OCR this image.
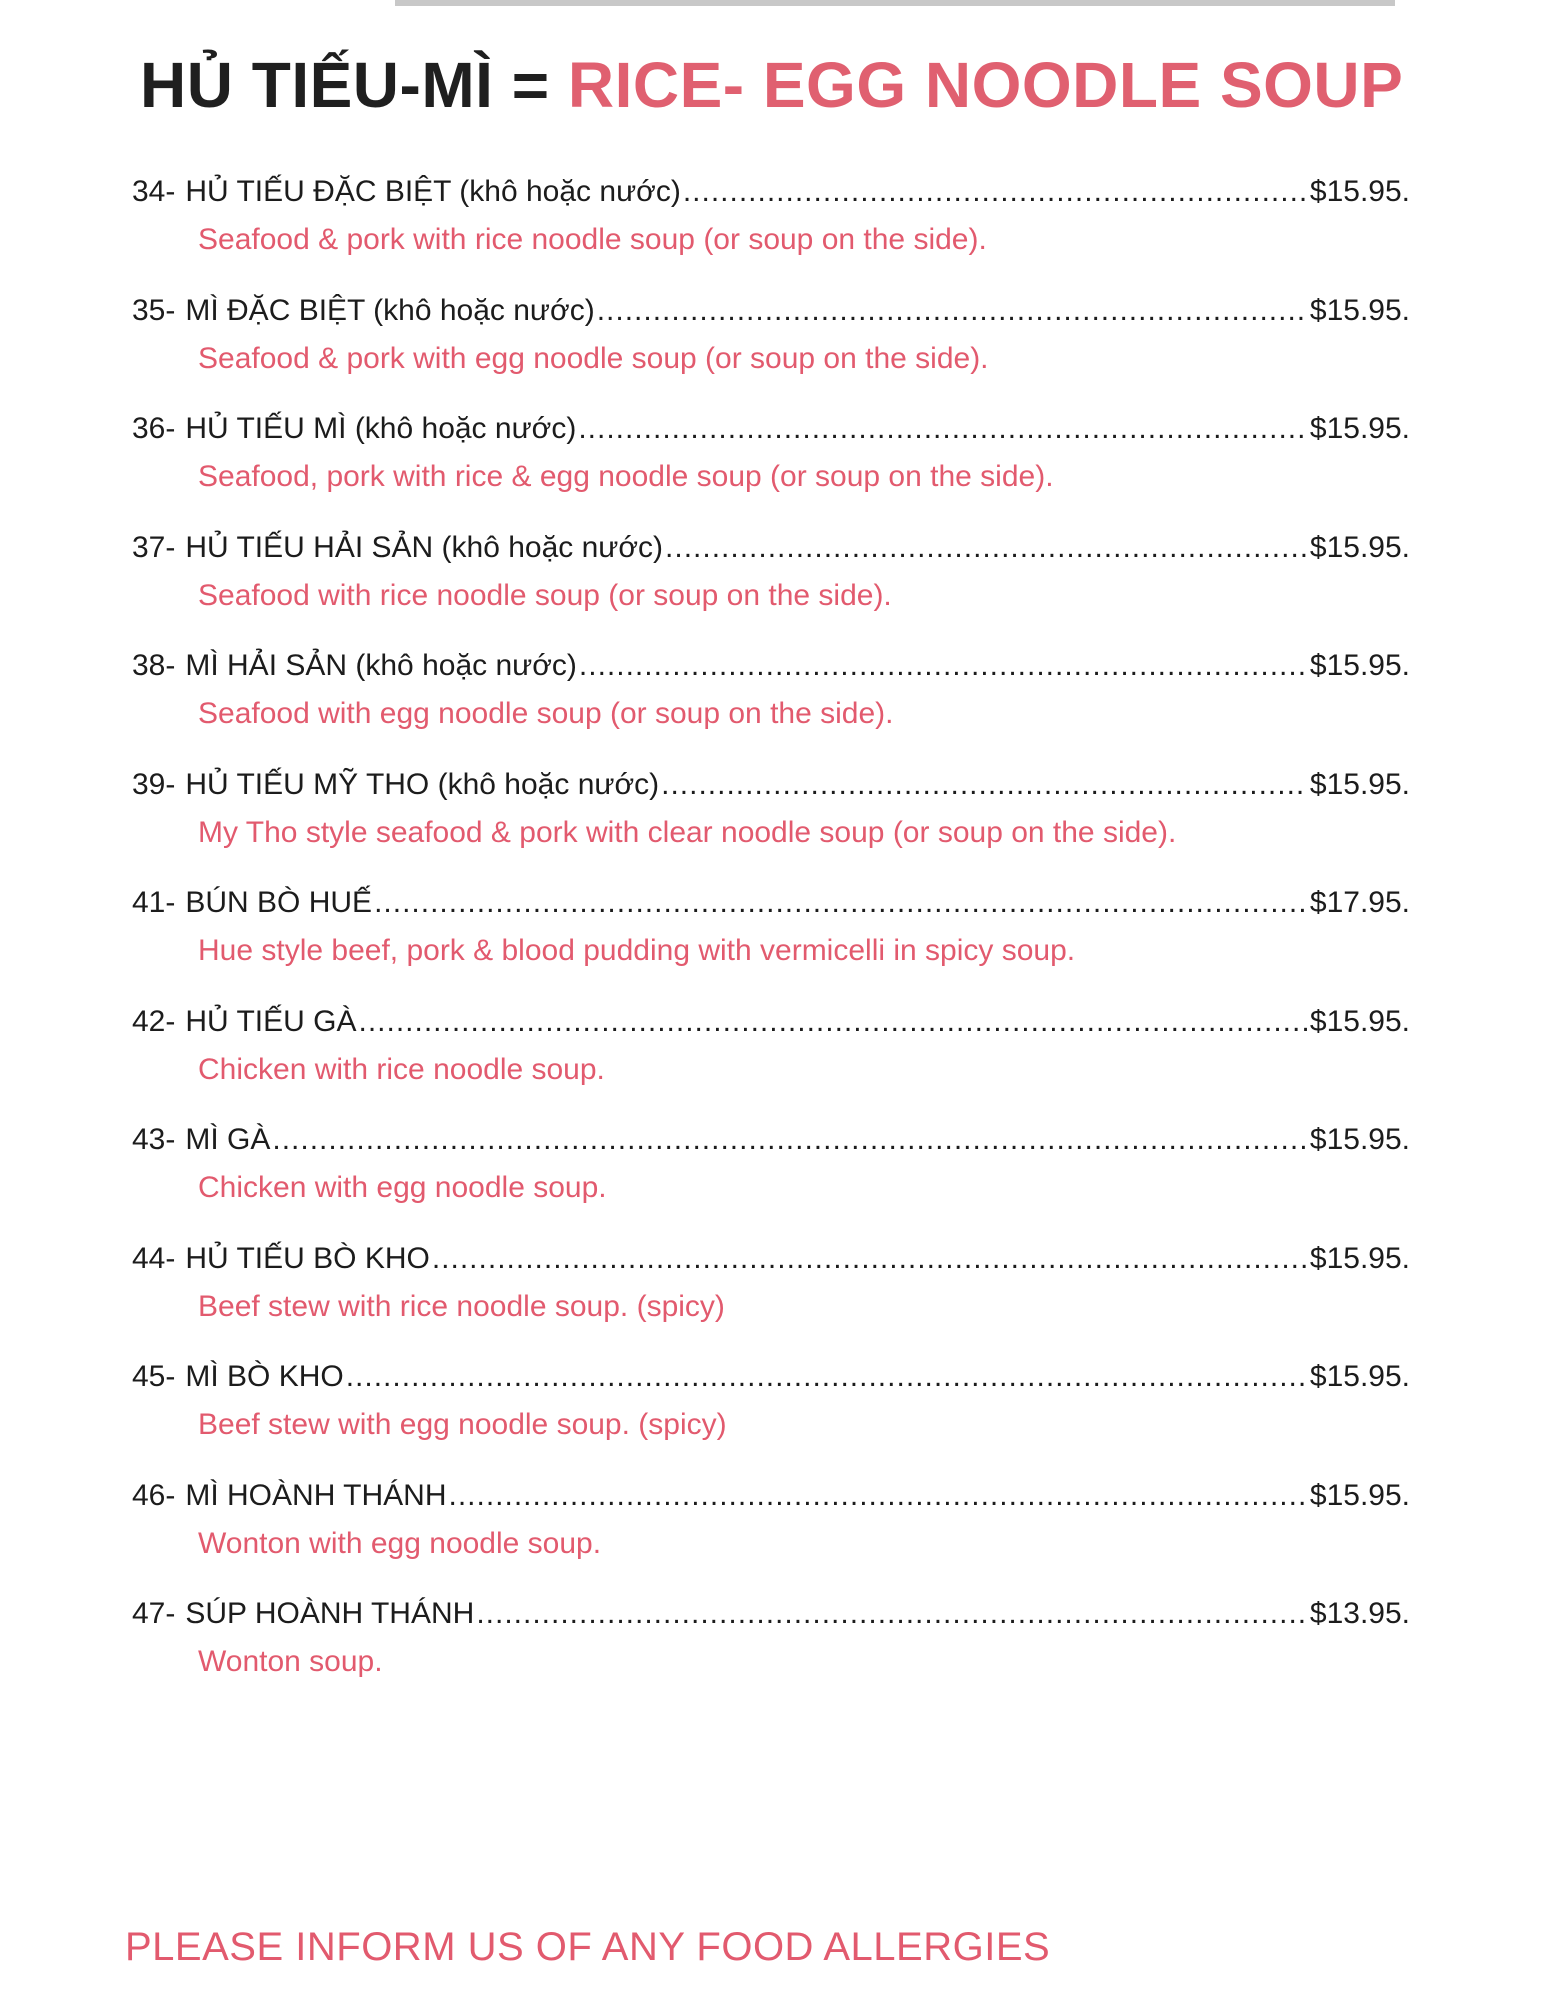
HỦ TIẾU-MÌ = RICE- EGG NOODLE SOUP
34- HỦ TIẾU ĐẶC BIỆT (khô hoặc nước) .....	$15.95.
Seafood & pork with rice noodle soup (or soup on the side).
35- MÌ ĐẶC BIỆT (khô hoặc nước) .....	$15.95.
Seafood & pork with egg noodle soup (or soup on the side).
36- HỦ TIẾU MÌ (khô hoặc nước) .....	$15.95.
Seafood, pork with rice & egg noodle soup (or soup on the side).
37- HỦ TIẾU HẢI SẢN (khô hoặc nước) .....	$15.95.
Seafood with rice noodle soup (or soup on the side).
38- MÌ HẢI SẢN (khô hoặc nước) .....	$15.95.
Seafood with egg noodle soup (or soup on the side).
39- HỦ TIẾU MỸ THO (khô hoặc nước) .....	$15.95.
My Tho style seafood & pork with clear noodle soup (or soup on the side).
41- BÚN BÒ HUẾ .....	$17.95.
Hue style beef, pork & blood pudding with vermicelli in spicy soup.
42- HỦ TIẾU GÀ .....	$15.95.
Chicken with rice noodle soup.
43- MÌ GÀ .....	$15.95.
Chicken with egg noodle soup.
44- HỦ TIẾU BÒ KHO .....	$15.95.
Beef stew with rice noodle soup. (spicy)
45- MÌ BÒ KHO .....	$15.95.
Beef stew with egg noodle soup. (spicy)
46- MÌ HOÀNH THÁNH .....	$15.95.
Wonton with egg noodle soup.
47- SÚP HOÀNH THÁNH .....	$13.95.
Wonton soup.
PLEASE INFORM US OF ANY FOOD ALLERGIES
